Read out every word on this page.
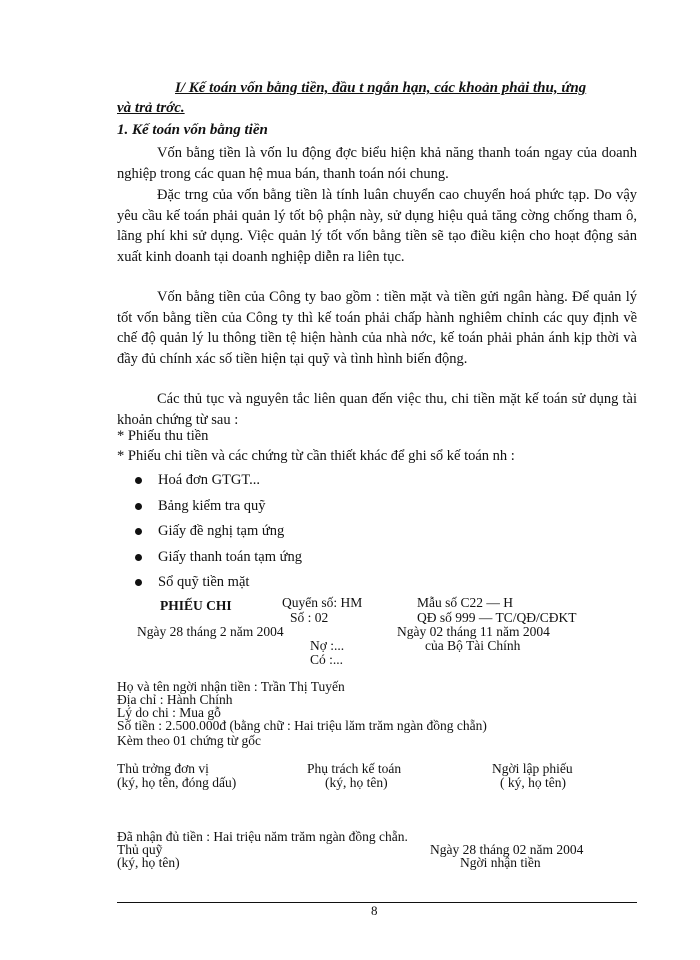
I/ Kế toán vốn bằng tiền, đầu t ngắn hạn, các khoản phải thu, ứng
và trả trớc.
1. Kế toán vốn bằng tiền
Vốn bằng tiền là vốn lu động đợc biểu hiện khả năng thanh toán ngay của doanh nghiệp trong các quan hệ mua bán, thanh toán nói chung.
Đặc trng của vốn bằng tiền là tính luân chuyển cao chuyển hoá phức tạp. Do vậy yêu cầu kế toán phải quản lý tốt bộ phận này, sử dụng hiệu quả tăng cờng chống tham ô, lãng phí khi sử dụng. Việc quản lý tốt vốn bằng tiền sẽ tạo điều kiện cho hoạt động sản xuất kinh doanh tại doanh nghiệp diễn ra liên tục.
Vốn bằng tiền của Công ty bao gồm : tiền mặt và tiền gửi ngân hàng. Để quản lý tốt vốn bằng tiền của Công ty thì kế toán phải chấp hành nghiêm chỉnh các quy định về chế độ quản lý lu thông tiền tệ hiện hành của nhà nớc, kế toán phải phản ánh kịp thời và đầy đủ chính xác số tiền hiện tại quỹ và tình hình biến động.
Các thủ tục và nguyên tắc liên quan đến việc thu, chi tiền mặt kế toán sử dụng tài khoản chứng từ sau :
* Phiếu thu tiền
* Phiếu chi tiền và các chứng từ cần thiết khác để ghi sổ kế toán nh :
Hoá đơn GTGT...
Bảng kiểm tra quỹ
Giấy đề nghị tạm ứng
Giấy thanh toán tạm ứng
Sổ quỹ tiền mặt
PHIẾU CHI	Quyển số: HM	Mẫu số C22 — H
Số : 02	QĐ số 999 — TC/QĐ/CĐKT
Ngày 28 tháng 2 năm 2004	Ngày 02 tháng 11 năm 2004
Nợ :...	của Bộ Tài Chính
Có :...
Họ và tên ngời nhận tiền : Trần Thị Tuyến
Địa chỉ : Hành Chính
Lý do chi : Mua gỗ
Số tiền : 2.500.000đ (bằng chữ : Hai triệu lăm trăm ngàn đồng chẵn)
Kèm theo 01 chứng từ gốc
Thủ trởng đơn vị
(ký, họ tên, đóng dấu)
Phụ trách kế toán
(ký, họ tên)
Ngời lập phiếu
( ký, họ tên)
Đã nhận đủ tiền : Hai triệu năm trăm ngàn đồng chẵn.
Thủ quỹ	Ngày 28 tháng 02 năm 2004
(ký, họ tên)	Ngời nhận tiền
8
